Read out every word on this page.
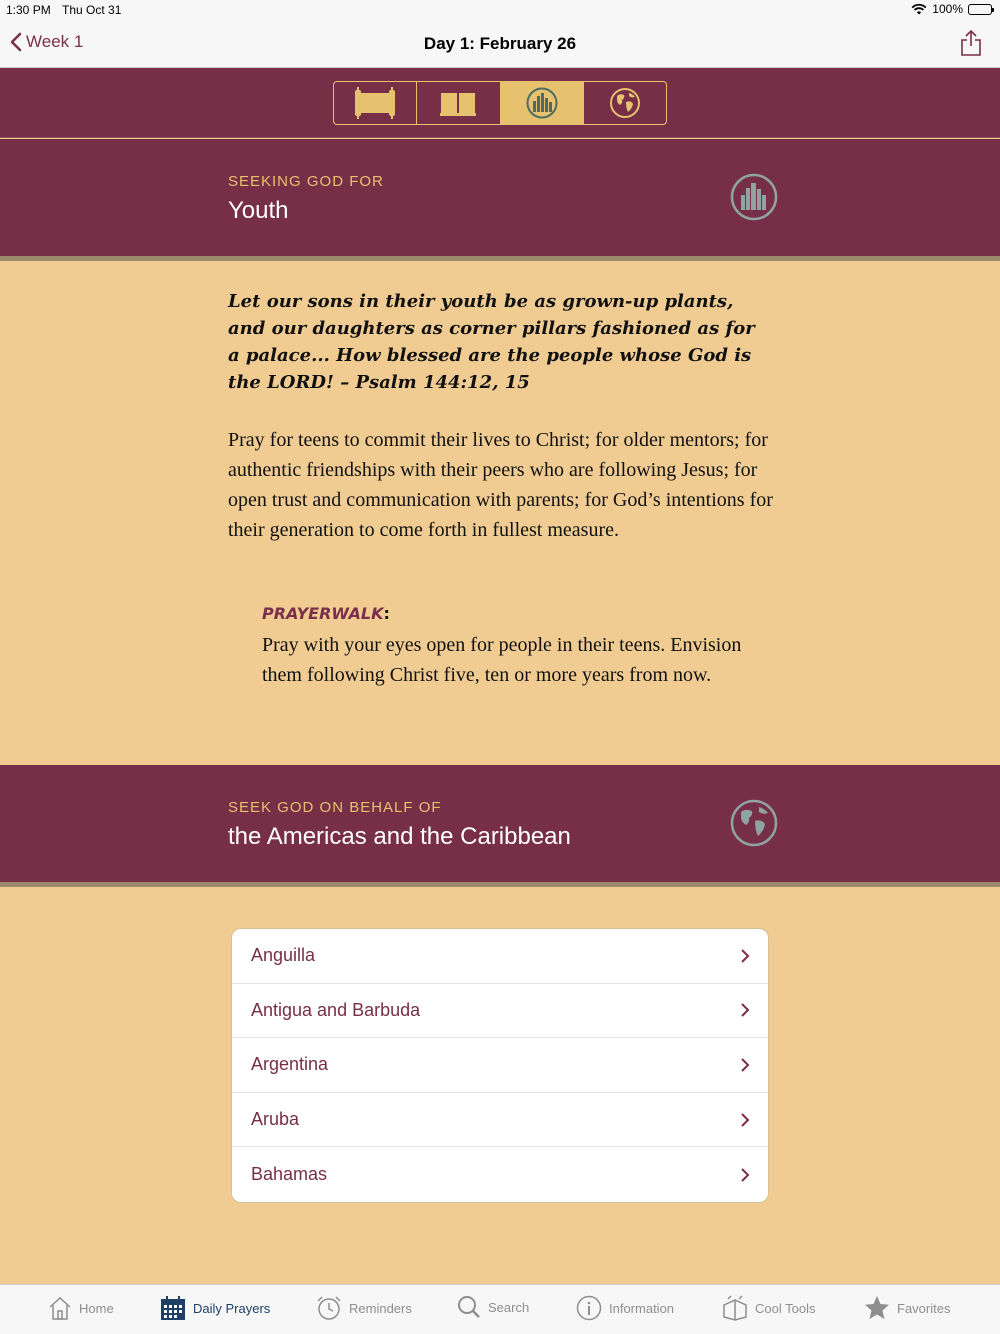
1:30 PM Thu Oct 31	100%
Week 1	Day 1: February 26
SEEKING GOD FOR
Youth
Let our sons in their youth be as grown-up plants, and our daughters as corner pillars fashioned as for a palace... How blessed are the people whose God is the LORD! – Psalm 144:12, 15
Pray for teens to commit their lives to Christ; for older mentors; for authentic friendships with their peers who are following Jesus; for open trust and communication with parents; for God’s intentions for their generation to come forth in fullest measure.
PRAYERWALK:
Pray with your eyes open for people in their teens. Envision them following Christ five, ten or more years from now.
SEEK GOD ON BEHALF OF
the Americas and the Caribbean
Anguilla
Antigua and Barbuda
Argentina
Aruba
Bahamas
Home	Daily Prayers	Reminders	Search	Information	Cool Tools	Favorites
